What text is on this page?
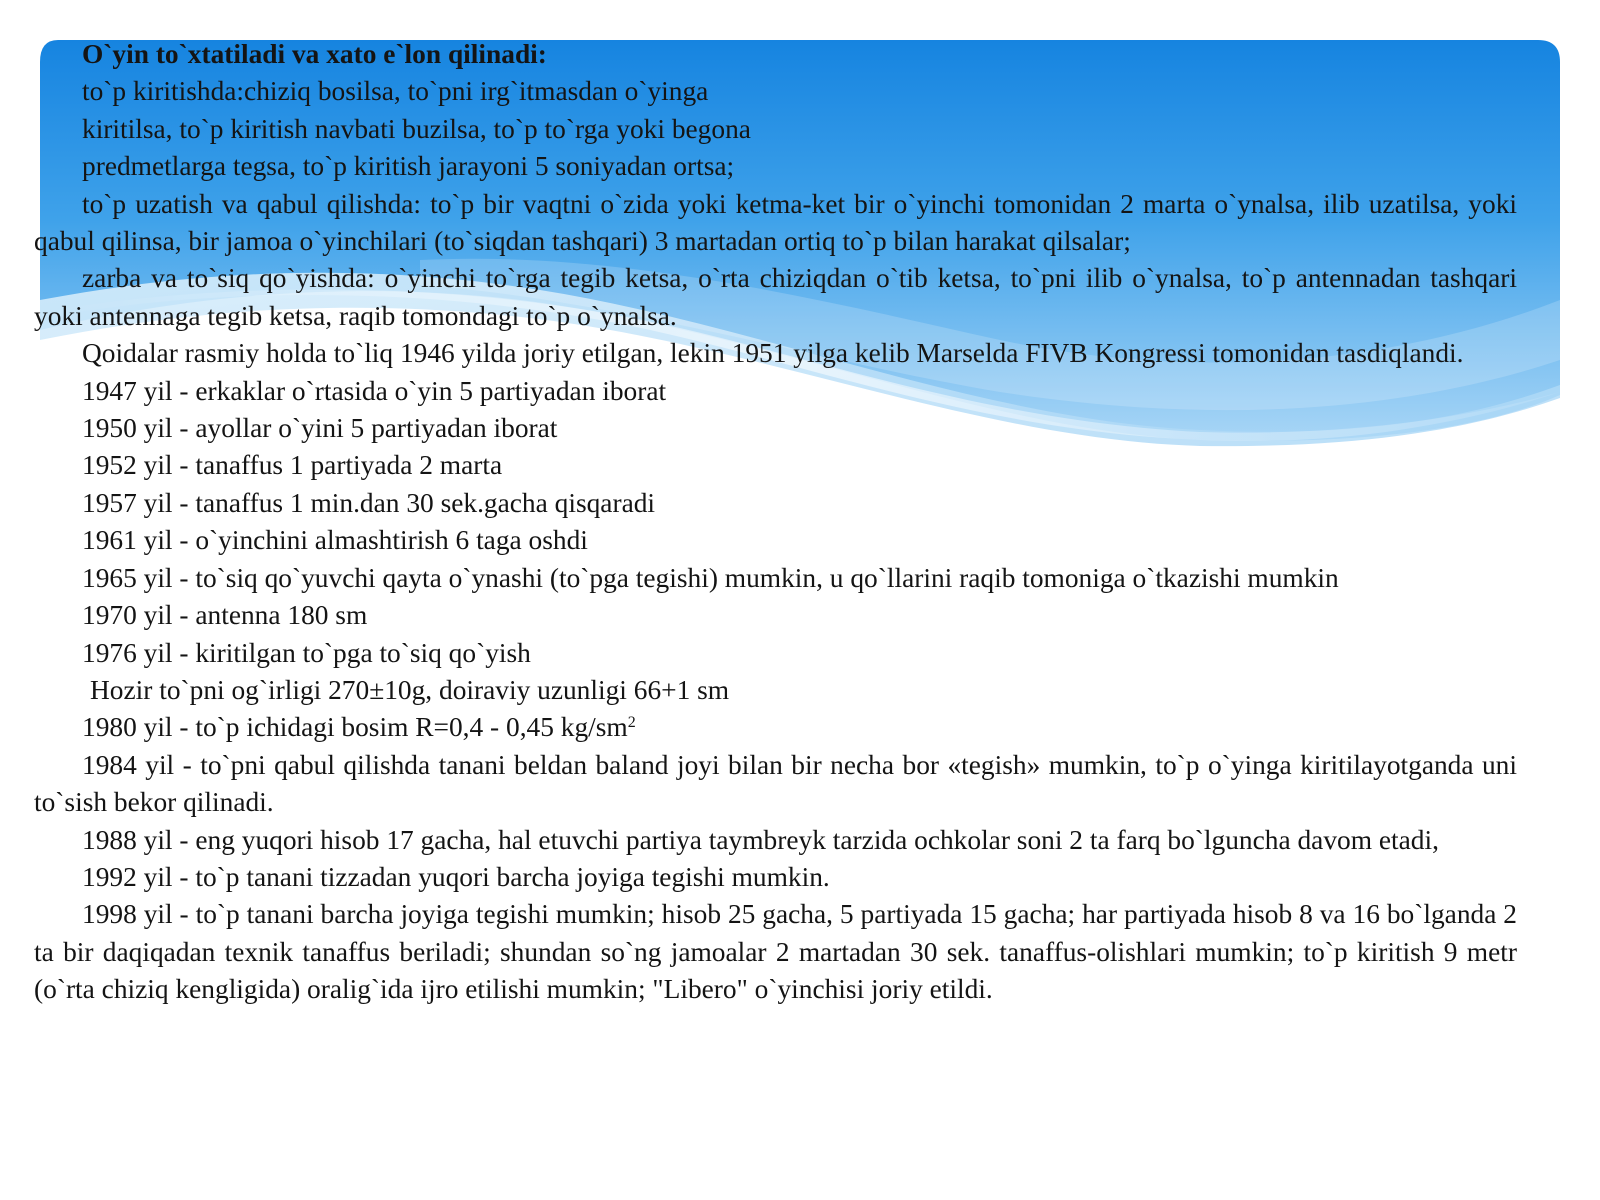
O`yin to`xtatiladi va xato e`lon qilinadi:

to`p kiritishda:chiziq bosilsa, to`pni irg`itmasdan o`yinga

kiritilsa, to`p kiritish navbati buzilsa, to`p to`rga yoki begona

predmetlarga tegsa, to`p kiritish jarayoni 5 soniyadan ortsa;

to`p uzatish va qabul qilishda: to`p bir vaqtni o`zida yoki ketma-ket bir o`yinchi tomonidan 2 marta o`ynalsa, ilib uzatilsa, yoki qabul qilinsa, bir jamoa o`yinchilari (to`siqdan tashqari) 3 martadan ortiq to`p bilan harakat qilsalar;

zarba va to`siq qo`yishda: o`yinchi to`rga tegib ketsa, o`rta chiziqdan o`tib ketsa, to`pni ilib o`ynalsa, to`p antennadan tashqari yoki antennaga tegib ketsa, raqib tomondagi to`p o`ynalsa.

Qoidalar rasmiy holda to`liq 1946 yilda joriy etilgan, lekin 1951 yilga kelib Marselda FIVB Kongressi tomonidan tasdiqlandi.

1947 yil - erkaklar o`rtasida o`yin 5 partiyadan iborat

1950 yil - ayollar o`yini 5 partiyadan iborat

1952 yil - tanaffus 1 partiyada 2 marta

1957 yil - tanaffus 1 min.dan 30 sek.gacha qisqaradi

1961 yil - o`yinchini almashtirish 6 taga oshdi

1965 yil - to`siq qo`yuvchi qayta o`ynashi (to`pga tegishi) mumkin, u qo`llarini raqib tomoniga o`tkazishi mumkin

1970 yil - antenna 180 sm

1976 yil - kiritilgan to`pga to`siq qo`yish

Hozir to`pni og`irligi 270±10g, doiraviy uzunligi 66+1 sm

1980 yil - to`p ichidagi bosim R=0,4 - 0,45 $kg/sm^2$

1984 yil - to`pni qabul qilishda tanani beldan baland joyi bilan bir necha bor «tegish» mumkin, to`p o`yinga kiritilayotganda uni to`sish bekor qilinadi.

1988 yil - eng yuqori hisob 17 gacha, hal etuvchi partiya taymbreyk tarzida ochkolar soni 2 ta farq bo`lguncha davom etadi,

1992 yil - to`p tanani tizzadan yuqori barcha joyiga tegishi mumkin.

1998 yil - to`p tanani barcha joyiga tegishi mumkin; hisob 25 gacha, 5 partiyada 15 gacha; har partiyada hisob 8 va 16 bo`lganda 2 ta bir daqiqadan texnik tanaffus beriladi; shundan so`ng jamoalar 2 martadan 30 sek. tanaffus-olishlari mumkin; to`p kiritish 9 metr (o`rta chiziq kengligida) oralig`ida ijro etilishi mumkin; "Libero" o`yinchisi joriy etildi.
